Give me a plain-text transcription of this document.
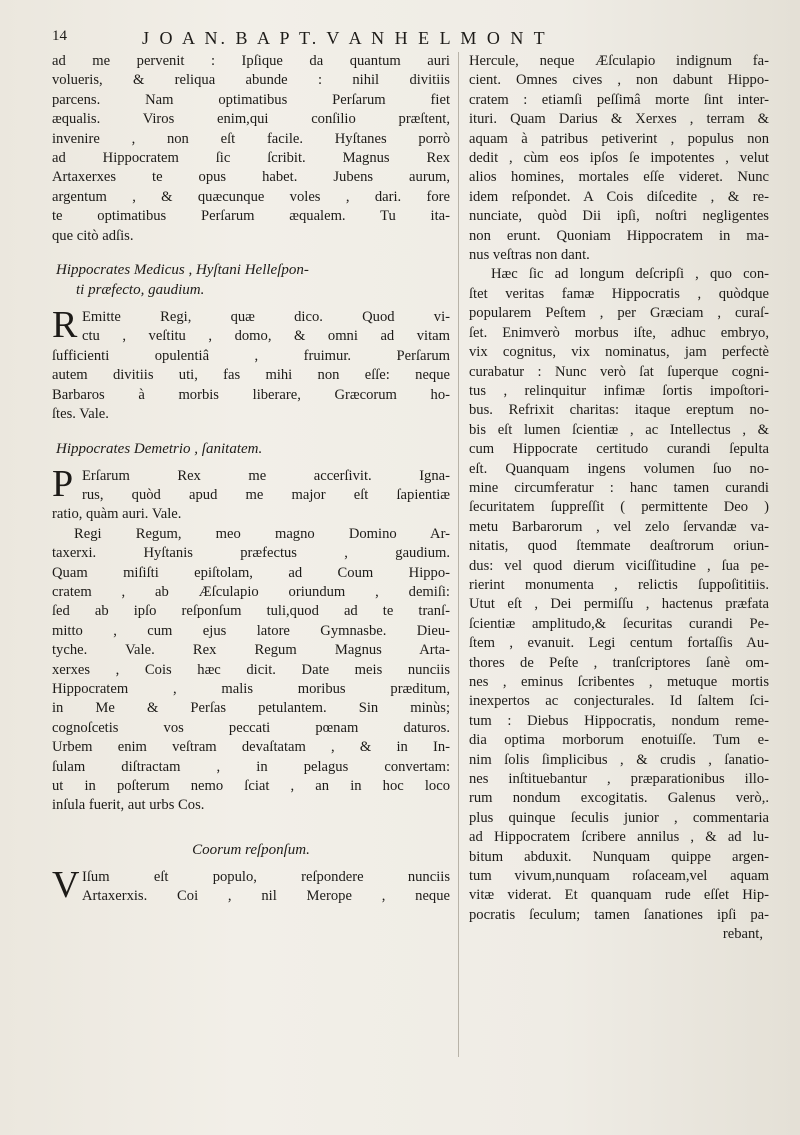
14	J O A N. B A P T. V A N H E L M O N T
ad me pervenit : Ipſique da quantum auri
volueris, & reliqua abunde : nihil divitiis
parcens. Nam optimatibus Perſarum fiet
æqualis. Viros enim,qui conſilio præſtent,
invenire , non eſt facile. Hyſtanes porrò
ad Hippocratem ſic ſcribit. Magnus Rex
Artaxerxes te opus habet. Jubens aurum,
argentum , & quæcunque voles , dari. fore
te optimatibus Perſarum æqualem. Tu ita-
que citò adſis.
Hippocrates Medicus , Hyſtani Helleſpon-
ti præfecto, gaudium.
R Emitte Regi, quæ dico. Quod vi-
ctu , veſtitu , domo, & omni ad vitam
ſufficienti opulentiâ , fruimur. Perſarum
autem divitiis uti, fas mihi non eſſe: neque
Barbaros à morbis liberare, Græcorum ho-
ſtes. Vale.
Hippocrates Demetrio , ſanitatem.
P Erſarum Rex me accerſivit. Igna-
rus, quòd apud me major eſt ſapientiæ
ratio, quàm auri. Vale.
Regi Regum, meo magno Domino Ar-
taxerxi. Hyſtanis præfectus , gaudium.
Quam miſiſti epiſtolam, ad Coum Hippo-
cratem , ab Æſculapio oriundum , demiſi:
ſed ab ipſo reſponſum tuli,quod ad te tranſ-
mitto , cum ejus latore Gymnasbe. Dieu-
tyche. Vale. Rex Regum Magnus Arta-
xerxes , Cois hæc dicit. Date meis nunciis
Hippocratem , malis moribus præditum,
in Me & Perſas petulantem. Sin minùs;
cognoſcetis vos peccati pœnam daturos.
Urbem enim veſtram devaſtatam , & in In-
ſulam diſtractam , in pelagus convertam:
ut in poſterum nemo ſciat , an in hoc loco
inſula fuerit, aut urbs Cos.
Coorum reſponſum.
V Iſum eſt populo, reſpondere nunciis
Artaxerxis. Coi , nil Merope , neque
Hercule, neque Æſculapio indignum fa-
cient. Omnes cives , non dabunt Hippo-
cratem : etiamſi peſſimâ morte ſint inter-
ituri. Quam Darius & Xerxes , terram &
aquam à patribus petiverint , populus non
dedit , cùm eos ipſos ſe impotentes , velut
alios homines, mortales eſſe videret. Nunc
idem reſpondet. A Cois diſcedite , & re-
nunciate, quòd Dii ipſi, noſtri negligentes
non erunt. Quoniam Hippocratem in ma-
nus veſtras non dant.
Hæc ſic ad longum deſcripſi , quo con-
ſtet veritas famæ Hippocratis , quòdque
popularem Peſtem , per Græciam , curaſ-
ſet. Enimverò morbus iſte, adhuc embryo,
vix cognitus, vix nominatus, jam perfectè
curabatur : Nunc verò ſat ſuperque cogni-
tus , relinquitur infimæ ſortis impoſtori-
bus. Refrixit charitas: itaque ereptum no-
bis eſt lumen ſcientiæ , ac Intellectus , &
cum Hippocrate certitudo curandi ſepulta
eſt. Quanquam ingens volumen ſuo no-
mine circumferatur : hanc tamen curandi
ſecuritatem ſuppreſſit ( permittente Deo )
metu Barbarorum , vel zelo ſervandæ va-
nitatis, quod ſtemmate deaſtrorum oriun-
dus: vel quod dierum viciſſitudine , ſua pe-
rierint monumenta , relictis ſuppoſititiis.
Utut eſt , Dei permiſſu , hactenus præfata
ſcientiæ amplitudo,& ſecuritas curandi Pe-
ſtem , evanuit. Legi centum fortaſſis Au-
thores de Peſte , tranſcriptores ſanè om-
nes , eminus ſcribentes , metuque mortis
inexpertos ac conjecturales. Id ſaltem ſci-
tum : Diebus Hippocratis, nondum reme-
dia optima morborum enotuiſſe. Tum e-
nim ſolis ſimplicibus , & crudis , ſanatio-
nes inſtituebantur , præparationibus illo-
rum nondum excogitatis. Galenus verò,.
plus quinque ſeculis junior , commentaria
ad Hippocratem ſcribere annilus , & ad lu-
bitum abduxit. Nunquam quippe argen-
tum vivum,nunquam roſaceam,vel aquam
vitæ viderat. Et quanquam rude eſſet Hip-
pocratis ſeculum; tamen ſanationes ipſi pa-
rebant,
